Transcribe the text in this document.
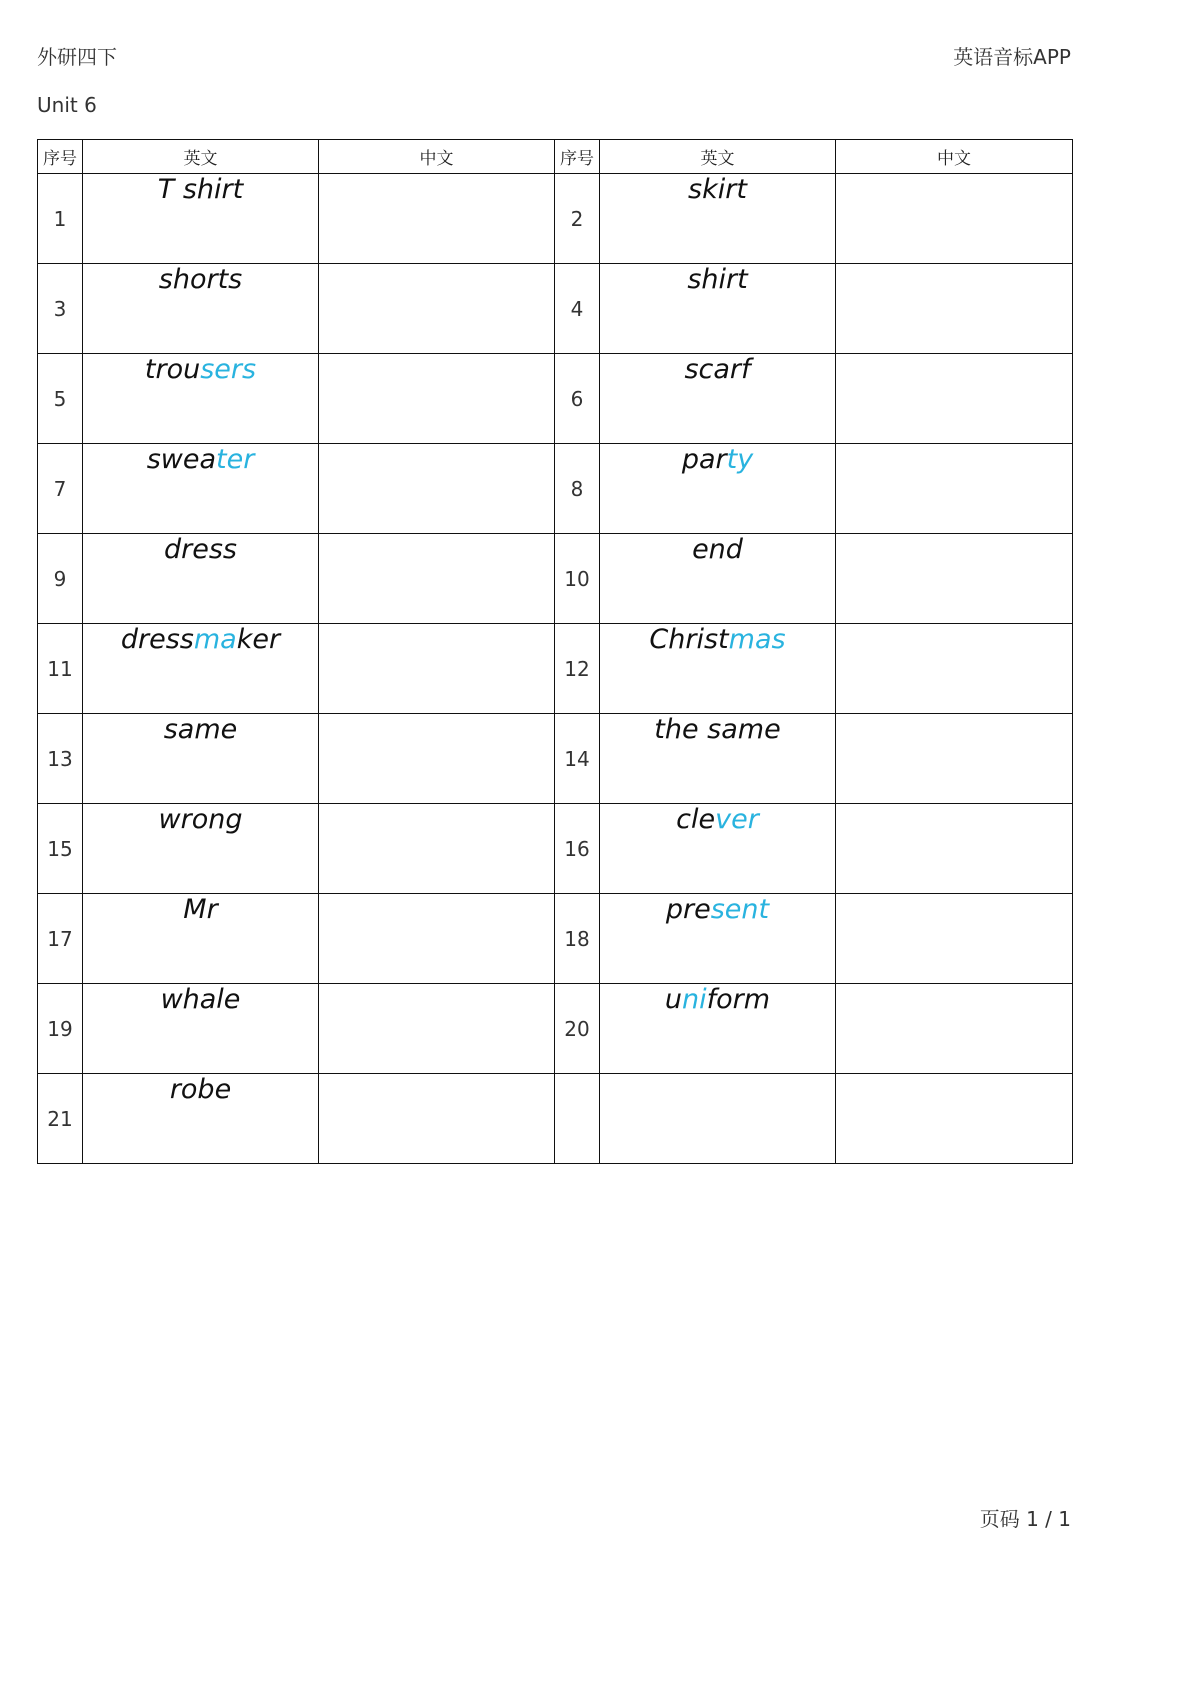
外研四下	英语音标APP
Unit 6
序号	英文	中文	序号	英文	中文
1	T shirt		2	skirt	
3	shorts		4	shirt	
5	trousers		6	scarf	
7	sweater		8	party	
9	dress		10	end	
11	dressmaker		12	Christmas	
13	same		14	the same	
15	wrong		16	clever	
17	Mr		18	present	
19	whale		20	uniform	
21	robe				
页码 1 / 1
